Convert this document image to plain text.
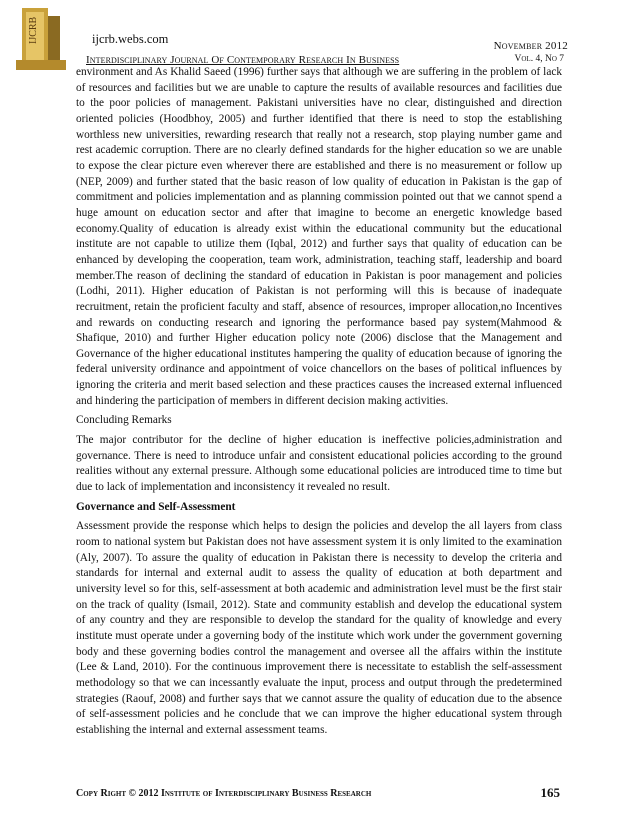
IJCRB	ijcrb.webs.com	November 2012
Interdisciplinary Journal Of Contemporary Research In Business	Vol. 4, No 7

environment and As Khalid Saeed (1996) further says that although we are suffering in the problem of lack of resources and facilities but we are unable to capture the results of available resources and facilities due to the poor policies of management. Pakistani universities have no clear, distinguished and direction oriented policies (Hoodbhoy, 2005) and further identified that there is need to stop the establishing worthless new universities, rewarding research that really not a research, stop playing number game and rest academic corruption. There are no clearly defined standards for the higher education so we are unable to expose the clear picture even wherever there are established and there is no measurement or follow up (NEP, 2009) and further stated that the basic reason of low quality of education in Pakistan is the gap of commitment and policies implementation and as planning commission pointed out that we cannot spend a huge amount on education sector and after that imagine to become an energetic knowledge based economy.Quality of education is already exist within the educational community but the educational institute are not capable to utilize them (Iqbal, 2012) and further says that quality of education can be enhanced by developing the cooperation, team work, administration, teaching staff, leadership and board member.The reason of declining the standard of education in Pakistan is poor management and policies (Lodhi, 2011). Higher education of Pakistan is not performing will this is because of inadequate recruitment, retain the proficient faculty and staff, absence of resources, improper allocation,no Incentives and rewards on conducting research and ignoring the performance based pay system(Mahmood & Shafique, 2010) and further Higher education policy note (2006) disclose that the Management and Governance of the higher educational institutes hampering the quality of education because of ignoring the federal university ordinance and appointment of voice chancellors on the bases of political influences by ignoring the criteria and merit based selection and these practices causes the increased external influenced and hindering the participation of members in different decision making activities.

Concluding Remarks

The major contributor for the decline of higher education is ineffective policies,administration and governance. There is need to introduce unfair and consistent educational policies according to the ground realities without any external pressure. Although some educational policies are introduced time to time but due to lack of implementation and inconsistency it revealed no result.

Governance and Self-Assessment

Assessment provide the response which helps to design the policies and develop the all layers from class room to national system but Pakistan does not have assessment system it is only limited to the examination (Aly, 2007). To assure the quality of education in Pakistan there is necessity to develop the criteria and standards for internal and external audit to assess the quality of education at both department and university level so for this, self-assessment at both academic and administration level must be the first stair on the track of quality (Ismail, 2012). State and community establish and develop the educational system of any country and they are responsible to develop the standard for the quality of knowledge and every institute must operate under a governing body of the institute which work under the government governing body and these governing bodies control the management and oversee all the affairs within the institute (Lee & Land, 2010). For the continuous improvement there is necessitate to establish the self-assessment methodology so that we can incessantly evaluate the input, process and output through the predetermined strategies (Raouf, 2008) and further says that we cannot assure the quality of education due to the absence of self-assessment policies and he conclude that we can improve the higher educational system through establishing the internal and external assessment teams.

Copy Right © 2012 Institute of Interdisciplinary Business Research	165
